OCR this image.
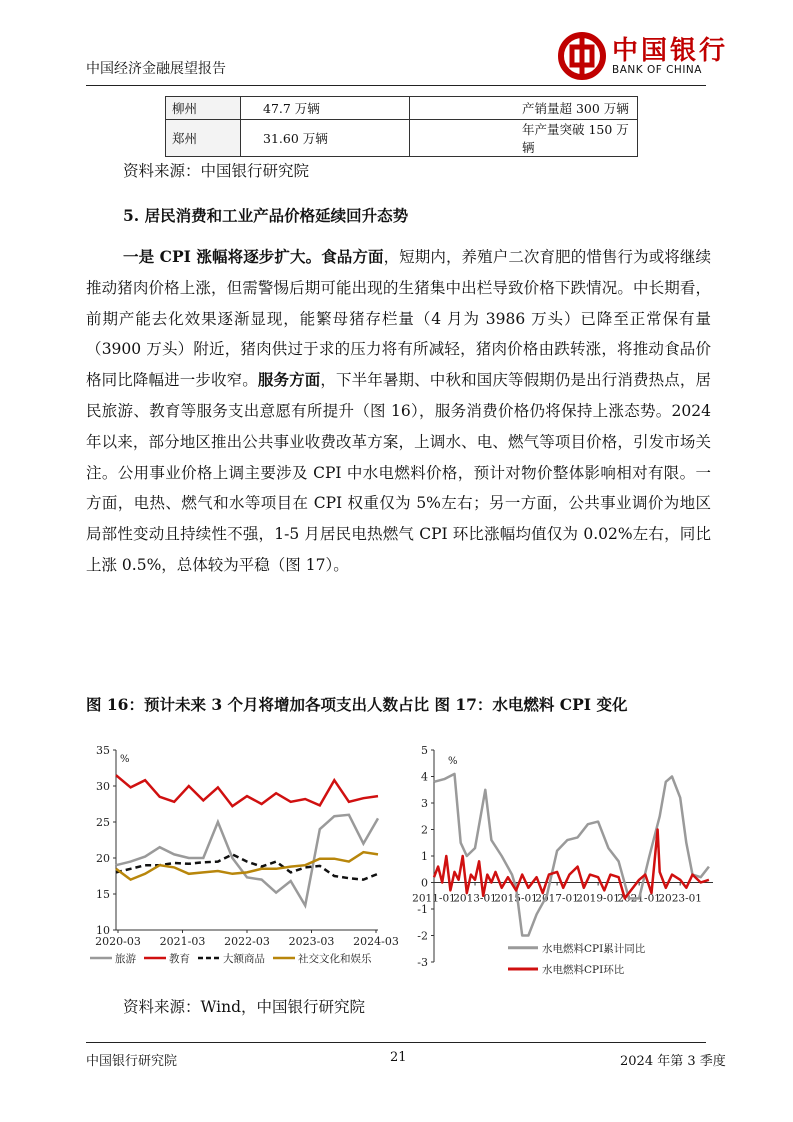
中国经济金融展望报告
中国银行
BANK OF CHINA
柳州	47.7 万辆	产销量超 300 万辆
郑州	31.60 万辆	年产量突破 150 万辆
资料来源：中国银行研究院
5. 居民消费和工业产品价格延续回升态势
一是 CPI 涨幅将逐步扩大。食品方面，短期内，养殖户二次育肥的惜售行为或将继续推动猪肉价格上涨，但需警惕后期可能出现的生猪集中出栏导致价格下跌情况。中长期看，前期产能去化效果逐渐显现，能繁母猪存栏量（4 月为 3986 万头）已降至正常保有量（3900 万头）附近，猪肉供过于求的压力将有所减轻，猪肉价格由跌转涨，将推动食品价格同比降幅进一步收窄。服务方面，下半年暑期、中秋和国庆等假期仍是出行消费热点，居民旅游、教育等服务支出意愿有所提升（图 16），服务消费价格仍将保持上涨态势。2024 年以来，部分地区推出公共事业收费改革方案，上调水、电、燃气等项目价格，引发市场关注。公用事业价格上调主要涉及 CPI 中水电燃料价格，预计对物价整体影响相对有限。一方面，电热、燃气和水等项目在 CPI 权重仅为 5%左右；另一方面，公共事业调价为地区局部性变动且持续性不强，1-5 月居民电热燃气 CPI 环比涨幅均值仅为 0.02%左右，同比上涨 0.5%，总体较为平稳（图 17）。
图 16：预计未来 3 个月将增加各项支出人数占比 图 17：水电燃料 CPI 变化
10
15
20
25
30
35
%
2020-03 2021-03 2022-03 2023-03 2024-03
旅游	教育	大额商品	社交文化和娱乐	-3
-2
-1
0
1
2
3
4
5
%
2011-01
2013-01
2015-01
2017-01
2019-01
2021-01
2023-01
水电燃料CPI累计同比
水电燃料CPI环比
资料来源：Wind，中国银行研究院
中国银行研究院	21	2024 年第 3 季度
